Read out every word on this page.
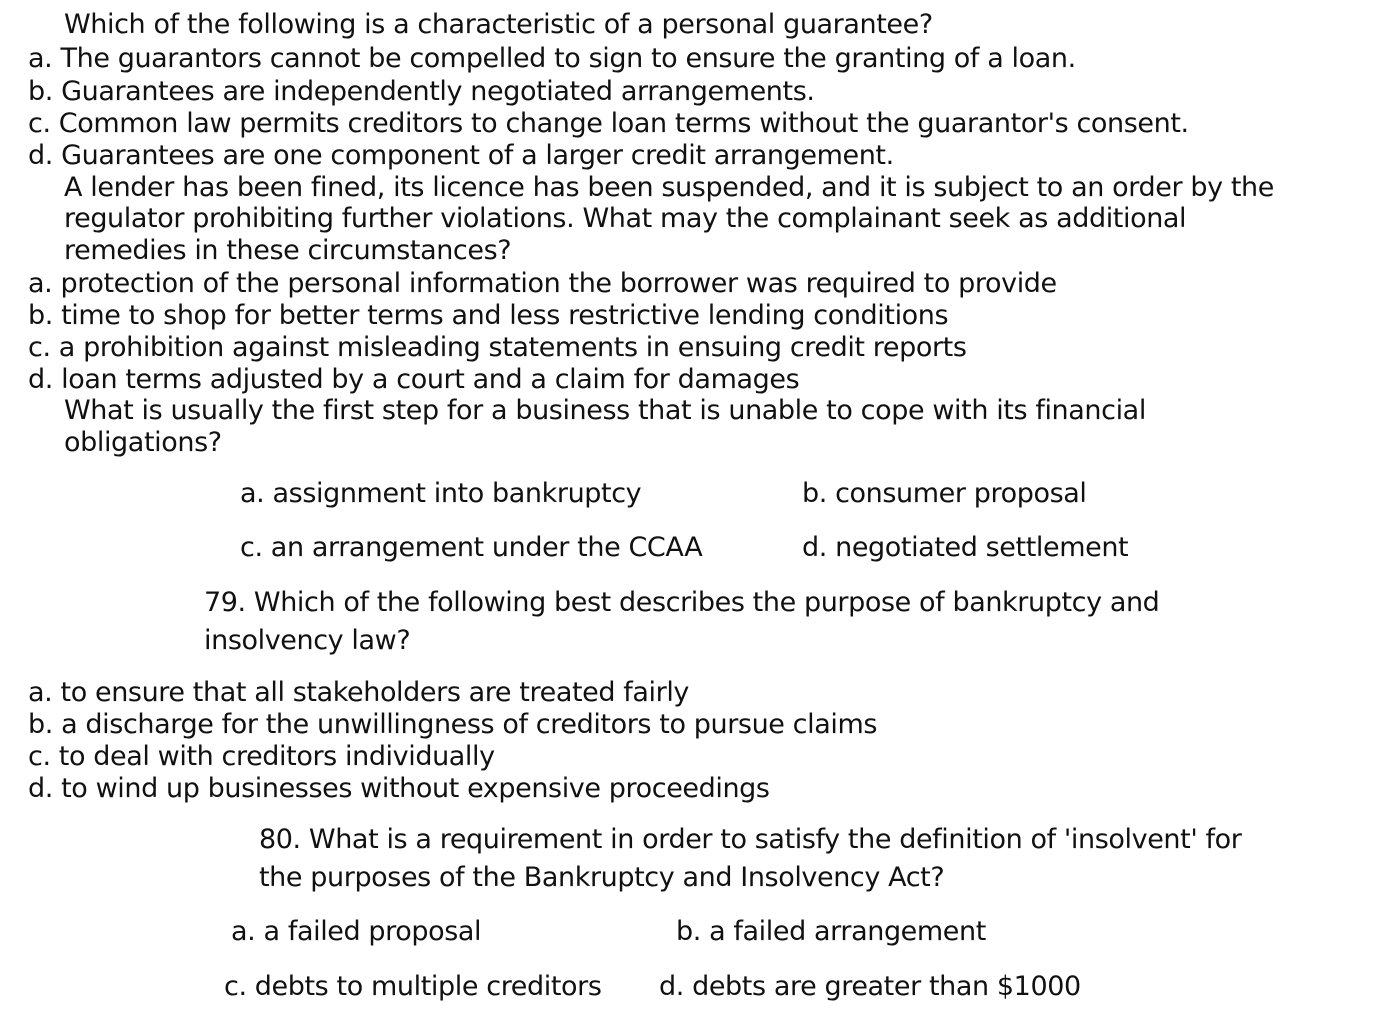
Which of the following is a characteristic of a personal guarantee?
a. The guarantors cannot be compelled to sign to ensure the granting of a loan.
b. Guarantees are independently negotiated arrangements.
c. Common law permits creditors to change loan terms without the guarantor's consent.
d. Guarantees are one component of a larger credit arrangement.
A lender has been fined, its licence has been suspended, and it is subject to an order by the
regulator prohibiting further violations. What may the complainant seek as additional
remedies in these circumstances?
a. protection of the personal information the borrower was required to provide
b. time to shop for better terms and less restrictive lending conditions
c. a prohibition against misleading statements in ensuing credit reports
d. loan terms adjusted by a court and a claim for damages
What is usually the first step for a business that is unable to cope with its financial
obligations?
a. assignment into bankruptcy	b. consumer proposal
c. an arrangement under the CCAA	d. negotiated settlement
79. Which of the following best describes the purpose of bankruptcy and
insolvency law?
a. to ensure that all stakeholders are treated fairly
b. a discharge for the unwillingness of creditors to pursue claims
c. to deal with creditors individually
d. to wind up businesses without expensive proceedings
80. What is a requirement in order to satisfy the definition of 'insolvent' for
the purposes of the Bankruptcy and Insolvency Act?
a. a failed proposal	b. a failed arrangement
c. debts to multiple creditors d. debts are greater than $1000
